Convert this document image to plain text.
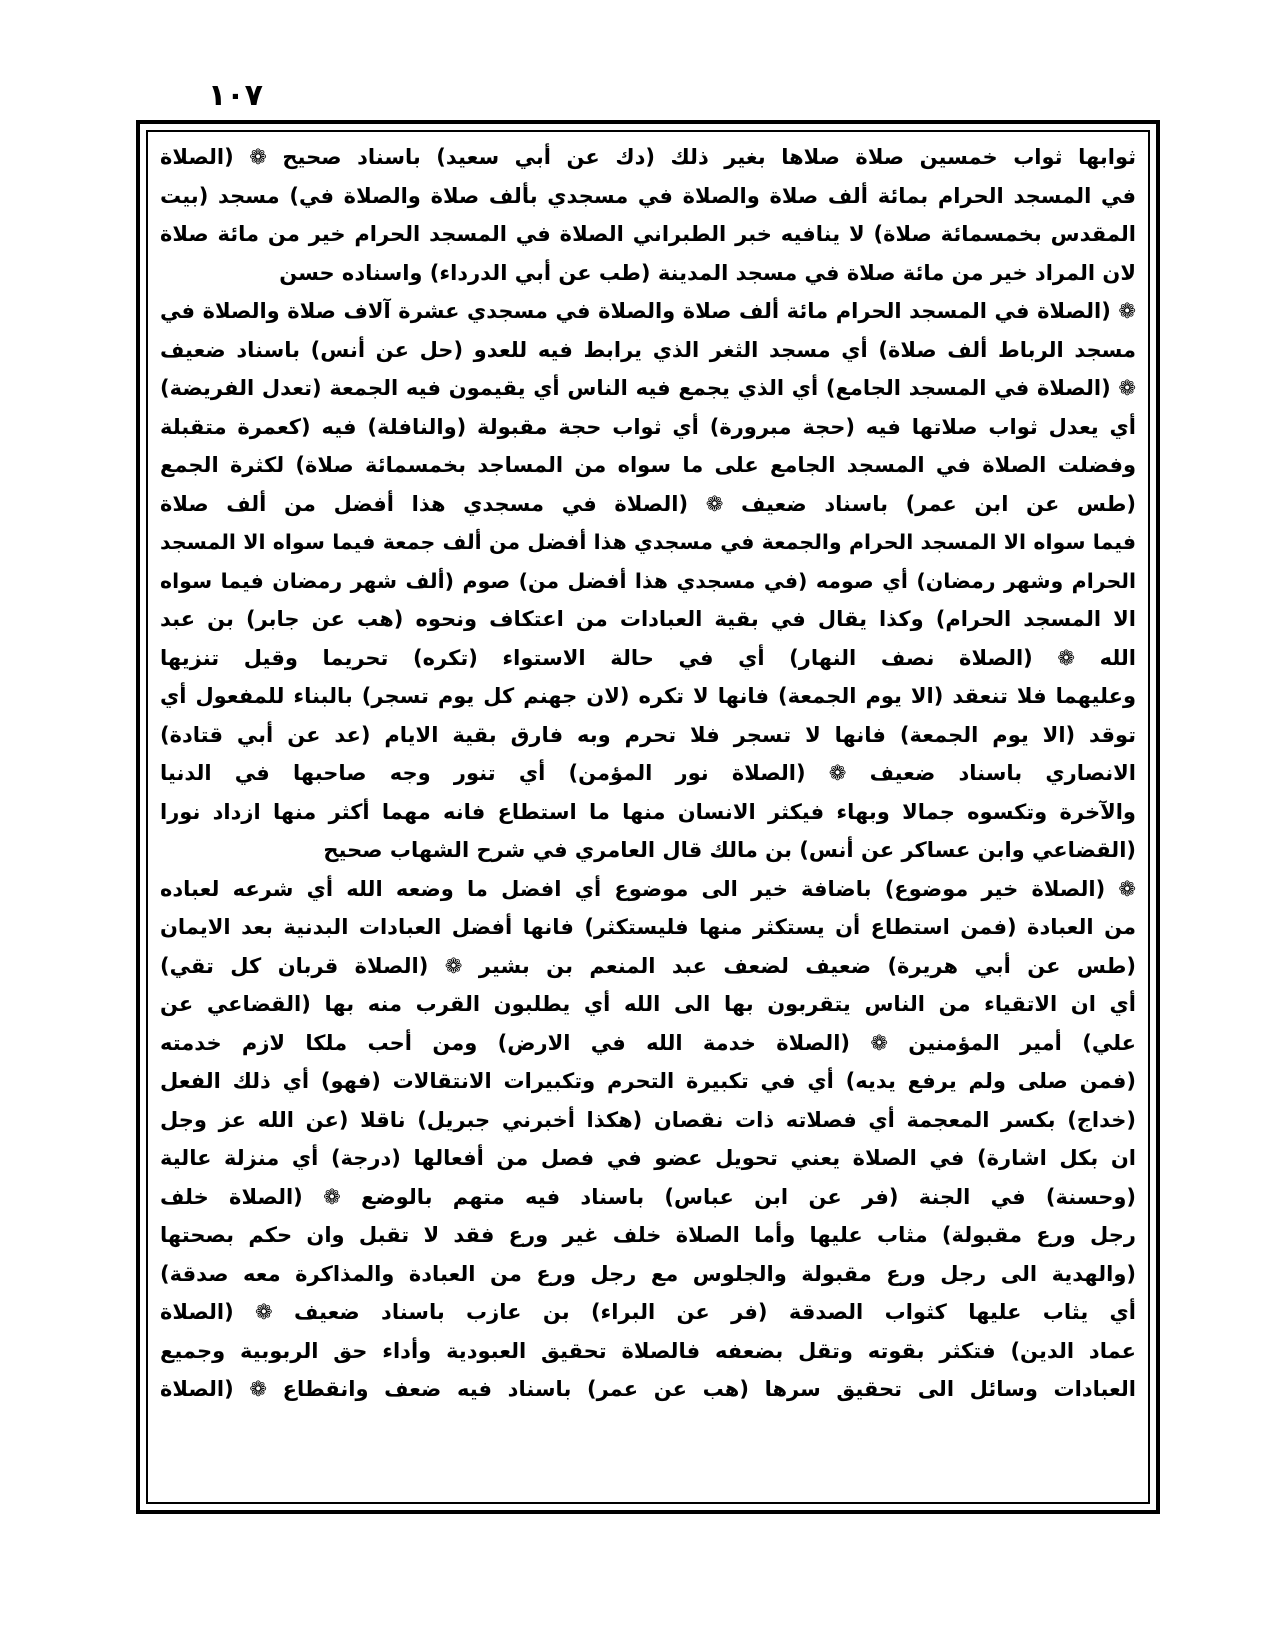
١٠٧
ثوابها ثواب خمسين صلاة صلاها بغير ذلك (دك عن أبي سعيد) باسناد صحيح ❁ (الصلاة
في المسجد الحرام بمائة ألف صلاة والصلاة في مسجدي بألف صلاة والصلاة في) مسجد (بيت
المقدس بخمسمائة صلاة) لا ينافيه خبر الطبراني الصلاة في المسجد الحرام خير من مائة صلاة
لان المراد خير من مائة صلاة في مسجد المدينة (طب عن أبي الدرداء) واسناده حسن
❁ (الصلاة في المسجد الحرام مائة ألف صلاة والصلاة في مسجدي عشرة آلاف صلاة والصلاة في
مسجد الرباط ألف صلاة) أي مسجد الثغر الذي يرابط فيه للعدو (حل عن أنس) باسناد ضعيف
❁ (الصلاة في المسجد الجامع) أي الذي يجمع فيه الناس أي يقيمون فيه الجمعة (تعدل الفريضة)
أي يعدل ثواب صلاتها فيه (حجة مبرورة) أي ثواب حجة مقبولة (والنافلة) فيه (كعمرة متقبلة
وفضلت الصلاة في المسجد الجامع على ما سواه من المساجد بخمسمائة صلاة) لكثرة الجمع
(طس عن ابن عمر) باسناد ضعيف ❁ (الصلاة في مسجدي هذا أفضل من ألف صلاة
فيما سواه الا المسجد الحرام والجمعة في مسجدي هذا أفضل من ألف جمعة فيما سواه الا المسجد
الحرام وشهر رمضان) أي صومه (في مسجدي هذا أفضل من) صوم (ألف شهر رمضان فيما سواه
الا المسجد الحرام) وكذا يقال في بقية العبادات من اعتكاف ونحوه (هب عن جابر) بن عبد
الله ❁ (الصلاة نصف النهار) أي في حالة الاستواء (تكره) تحريما وقيل تنزيها
وعليهما فلا تنعقد (الا يوم الجمعة) فانها لا تكره (لان جهنم كل يوم تسجر) بالبناء للمفعول أي
توقد (الا يوم الجمعة) فانها لا تسجر فلا تحرم وبه فارق بقية الايام (عد عن أبي قتادة)
الانصاري باسناد ضعيف ❁ (الصلاة نور المؤمن) أي تنور وجه صاحبها في الدنيا
والآخرة وتكسوه جمالا وبهاء فيكثر الانسان منها ما استطاع فانه مهما أكثر منها ازداد نورا
(القضاعي وابن عساكر عن أنس) بن مالك قال العامري في شرح الشهاب صحيح
❁ (الصلاة خير موضوع) باضافة خير الى موضوع أي افضل ما وضعه الله أي شرعه لعباده
من العبادة (فمن استطاع أن يستكثر منها فليستكثر) فانها أفضل العبادات البدنية بعد الايمان
(طس عن أبي هريرة) ضعيف لضعف عبد المنعم بن بشير ❁ (الصلاة قربان كل تقي)
أي ان الاتقياء من الناس يتقربون بها الى الله أي يطلبون القرب منه بها (القضاعي عن
علي) أمير المؤمنين ❁ (الصلاة خدمة الله في الارض) ومن أحب ملكا لازم خدمته
(فمن صلى ولم يرفع يديه) أي في تكبيرة التحرم وتكبيرات الانتقالات (فهو) أي ذلك الفعل
(خداج) بكسر المعجمة أي فصلاته ذات نقصان (هكذا أخبرني جبريل) ناقلا (عن الله عز وجل
ان بكل اشارة) في الصلاة يعني تحويل عضو في فصل من أفعالها (درجة) أي منزلة عالية
(وحسنة) في الجنة (فر عن ابن عباس) باسناد فيه متهم بالوضع ❁ (الصلاة خلف
رجل ورع مقبولة) مثاب عليها وأما الصلاة خلف غير ورع فقد لا تقبل وان حكم بصحتها
(والهدية الى رجل ورع مقبولة والجلوس مع رجل ورع من العبادة والمذاكرة معه صدقة)
أي يثاب عليها كثواب الصدقة (فر عن البراء) بن عازب باسناد ضعيف ❁ (الصلاة
عماد الدين) فتكثر بقوته وتقل بضعفه فالصلاة تحقيق العبودية وأداء حق الربوبية وجميع
العبادات وسائل الى تحقيق سرها (هب عن عمر) باسناد فيه ضعف وانقطاع ❁ (الصلاة
